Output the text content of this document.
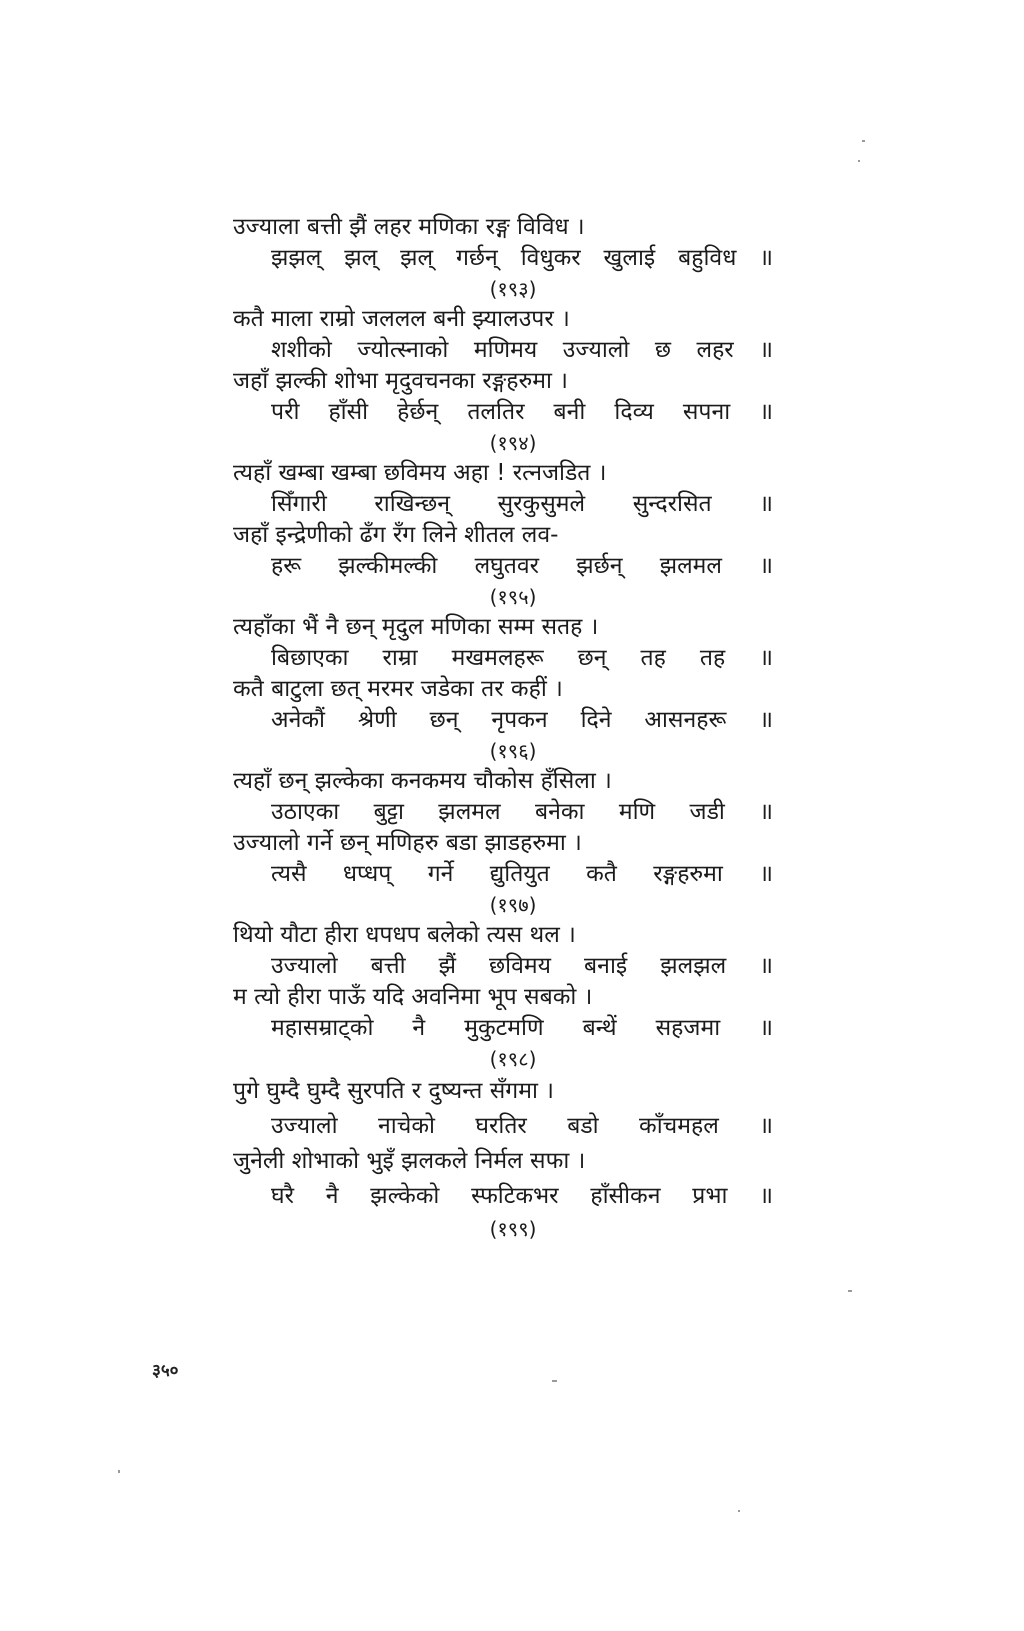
उज्याला बत्ती झैं लहर मणिका रङ्ग विविध ।
झझल् झल् झल् गर्छन् विधुकर खुलाई बहुविध ॥
(१९३)
कतै माला राम्रो जललल बनी झ्यालउपर ।
शशीको ज्योत्स्नाको मणिमय उज्यालो छ लहर ॥
जहाँ झल्की शोभा मृदुवचनका रङ्गहरुमा ।
परी हाँसी हेर्छन् तलतिर बनी दिव्य सपना ॥
(१९४)
त्यहाँ खम्बा खम्बा छविमय अहा ! रत्नजडित ।
सिँगारी राखिन्छन् सुरकुसुमले सुन्दरसित ॥
जहाँ इन्द्रेणीको ढँग रँग लिने शीतल लव-
हरू झल्कीमल्की लघुतवर झर्छन् झलमल ॥
(१९५)
त्यहाँका भैं नै छन् मृदुल मणिका सम्म सतह ।
बिछाएका राम्रा मखमलहरू छन् तह तह ॥
कतै बाटुला छत् मरमर जडेका तर कहीं ।
अनेकौं श्रेणी छन् नृपकन दिने आसनहरू ॥
(१९६)
त्यहाँ छन् झल्केका कनकमय चौकोस हँसिला ।
उठाएका बुट्टा झलमल बनेका मणि जडी ॥
उज्यालो गर्ने छन् मणिहरु बडा झाडहरुमा ।
त्यसै धप्धप् गर्ने द्युतियुत कतै रङ्गहरुमा ॥
(१९७)
थियो यौटा हीरा धपधप बलेको त्यस थल ।
उज्यालो बत्ती झैं छविमय बनाई झलझल ॥
म त्यो हीरा पाऊँ यदि अवनिमा भूप सबको ।
महासम्राट्को नै मुकुटमणि बन्थें सहजमा ॥
(१९८)
पुगे घुम्दै घुम्दै सुरपति र दुष्यन्त सँगमा ।
उज्यालो नाचेको घरतिर बडो काँचमहल ॥
जुनेली शोभाको भुइँ झलकले निर्मल सफा ।
घरै नै झल्केको स्फटिकभर हाँसीकन प्रभा ॥
(१९९)
३५०
